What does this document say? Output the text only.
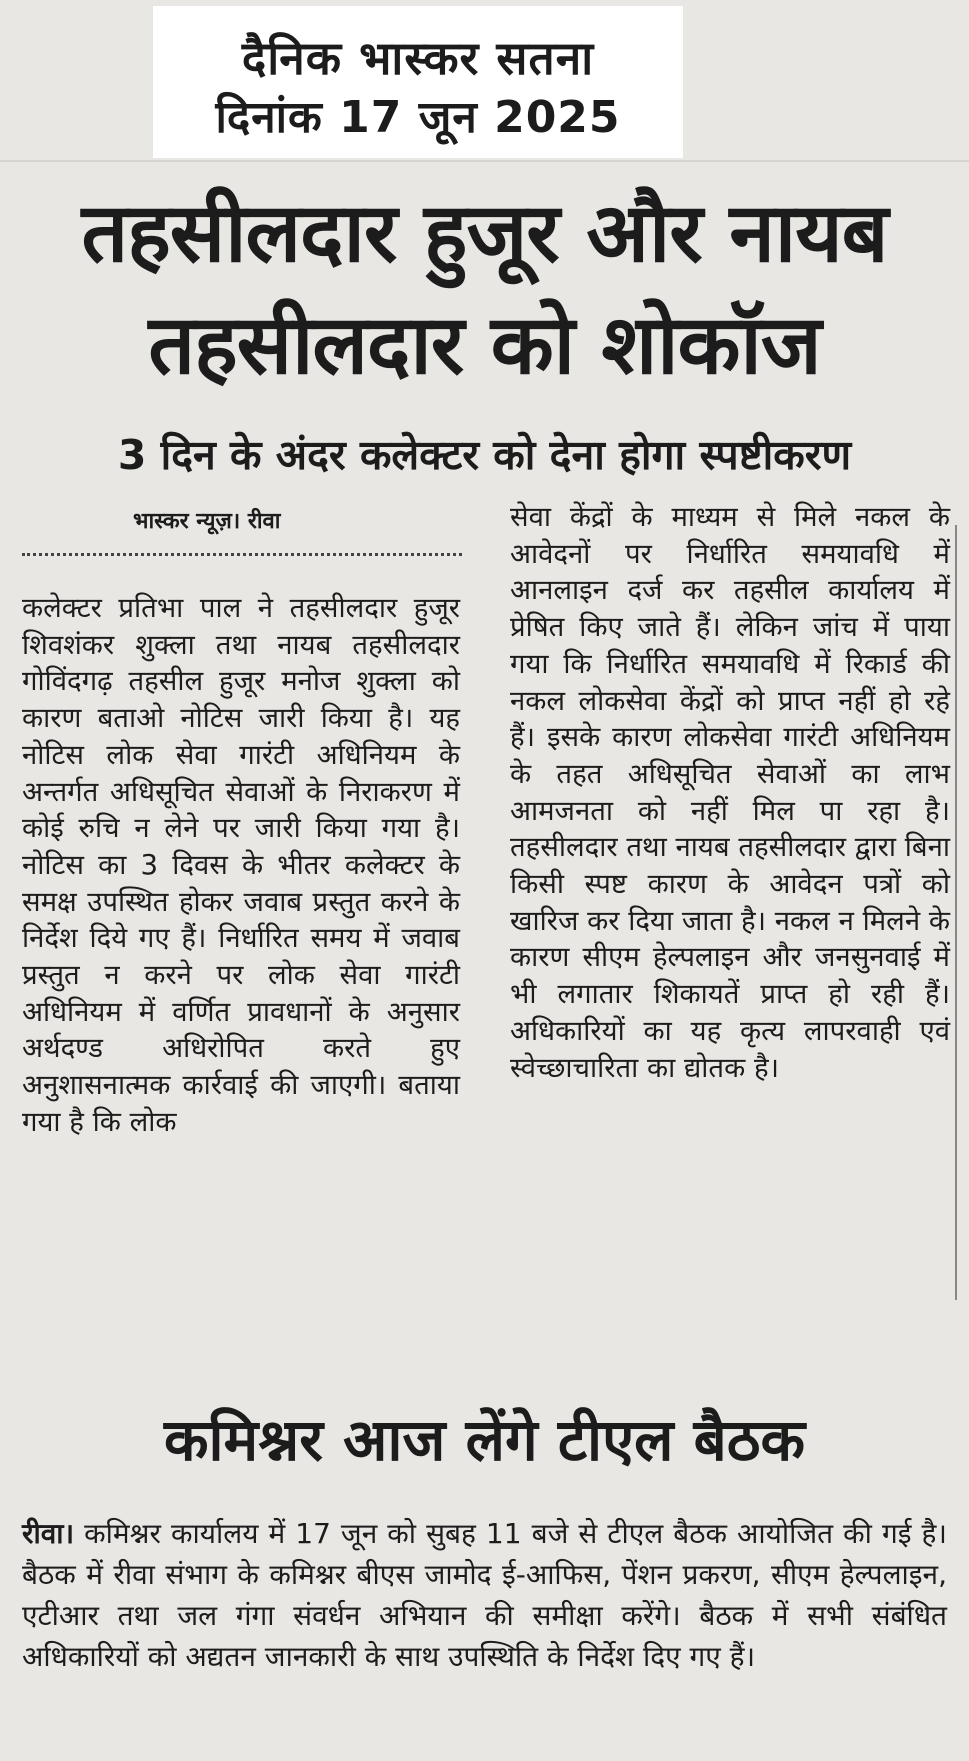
दैनिक भास्कर सतना
दिनांक 17 जून 2025
तहसीलदार हुजूर और नायब
तहसीलदार को शोकॉज
3 दिन के अंदर कलेक्टर को देना होगा स्पष्टीकरण
भास्कर न्यूज़। रीवा
कलेक्टर प्रतिभा पाल ने तहसीलदार हुजूर शिवशंकर शुक्ला तथा नायब तहसीलदार गोविंदगढ़ तहसील हुजूर मनोज शुक्ला को कारण बताओ नोटिस जारी किया है। यह नोटिस लोक सेवा गारंटी अधिनियम के अन्तर्गत अधिसूचित सेवाओं के निराकरण में कोई रुचि न लेने पर जारी किया गया है। नोटिस का 3 दिवस के भीतर कलेक्टर के समक्ष उपस्थित होकर जवाब प्रस्तुत करने के निर्देश दिये गए हैं। निर्धारित समय में जवाब प्रस्तुत न करने पर लोक सेवा गारंटी अधिनियम में वर्णित प्रावधानों के अनुसार अर्थदण्ड अधिरोपित करते हुए अनुशासनात्मक कार्रवाई की जाएगी। बताया गया है कि लोक
सेवा केंद्रों के माध्यम से मिले नकल के आवेदनों पर निर्धारित समयावधि में आनलाइन दर्ज कर तहसील कार्यालय में प्रेषित किए जाते हैं। लेकिन जांच में पाया गया कि निर्धारित समयावधि में रिकार्ड की नकल लोकसेवा केंद्रों को प्राप्त नहीं हो रहे हैं। इसके कारण लोकसेवा गारंटी अधिनियम के तहत अधिसूचित सेवाओं का लाभ आमजनता को नहीं मिल पा रहा है। तहसीलदार तथा नायब तहसीलदार द्वारा बिना किसी स्पष्ट कारण के आवेदन पत्रों को खारिज कर दिया जाता है। नकल न मिलने के कारण सीएम हेल्पलाइन और जनसुनवाई में भी लगातार शिकायतें प्राप्त हो रही हैं। अधिकारियों का यह कृत्य लापरवाही एवं स्वेच्छाचारिता का द्योतक है।
कमिश्नर आज लेंगे टीएल बैठक
रीवा। कमिश्नर कार्यालय में 17 जून को सुबह 11 बजे से टीएल बैठक आयोजित की गई है। बैठक में रीवा संभाग के कमिश्नर बीएस जामोद ई-आफिस, पेंशन प्रकरण, सीएम हेल्पलाइन, एटीआर तथा जल गंगा संवर्धन अभियान की समीक्षा करेंगे। बैठक में सभी संबंधित अधिकारियों को अद्यतन जानकारी के साथ उपस्थिति के निर्देश दिए गए हैं।
